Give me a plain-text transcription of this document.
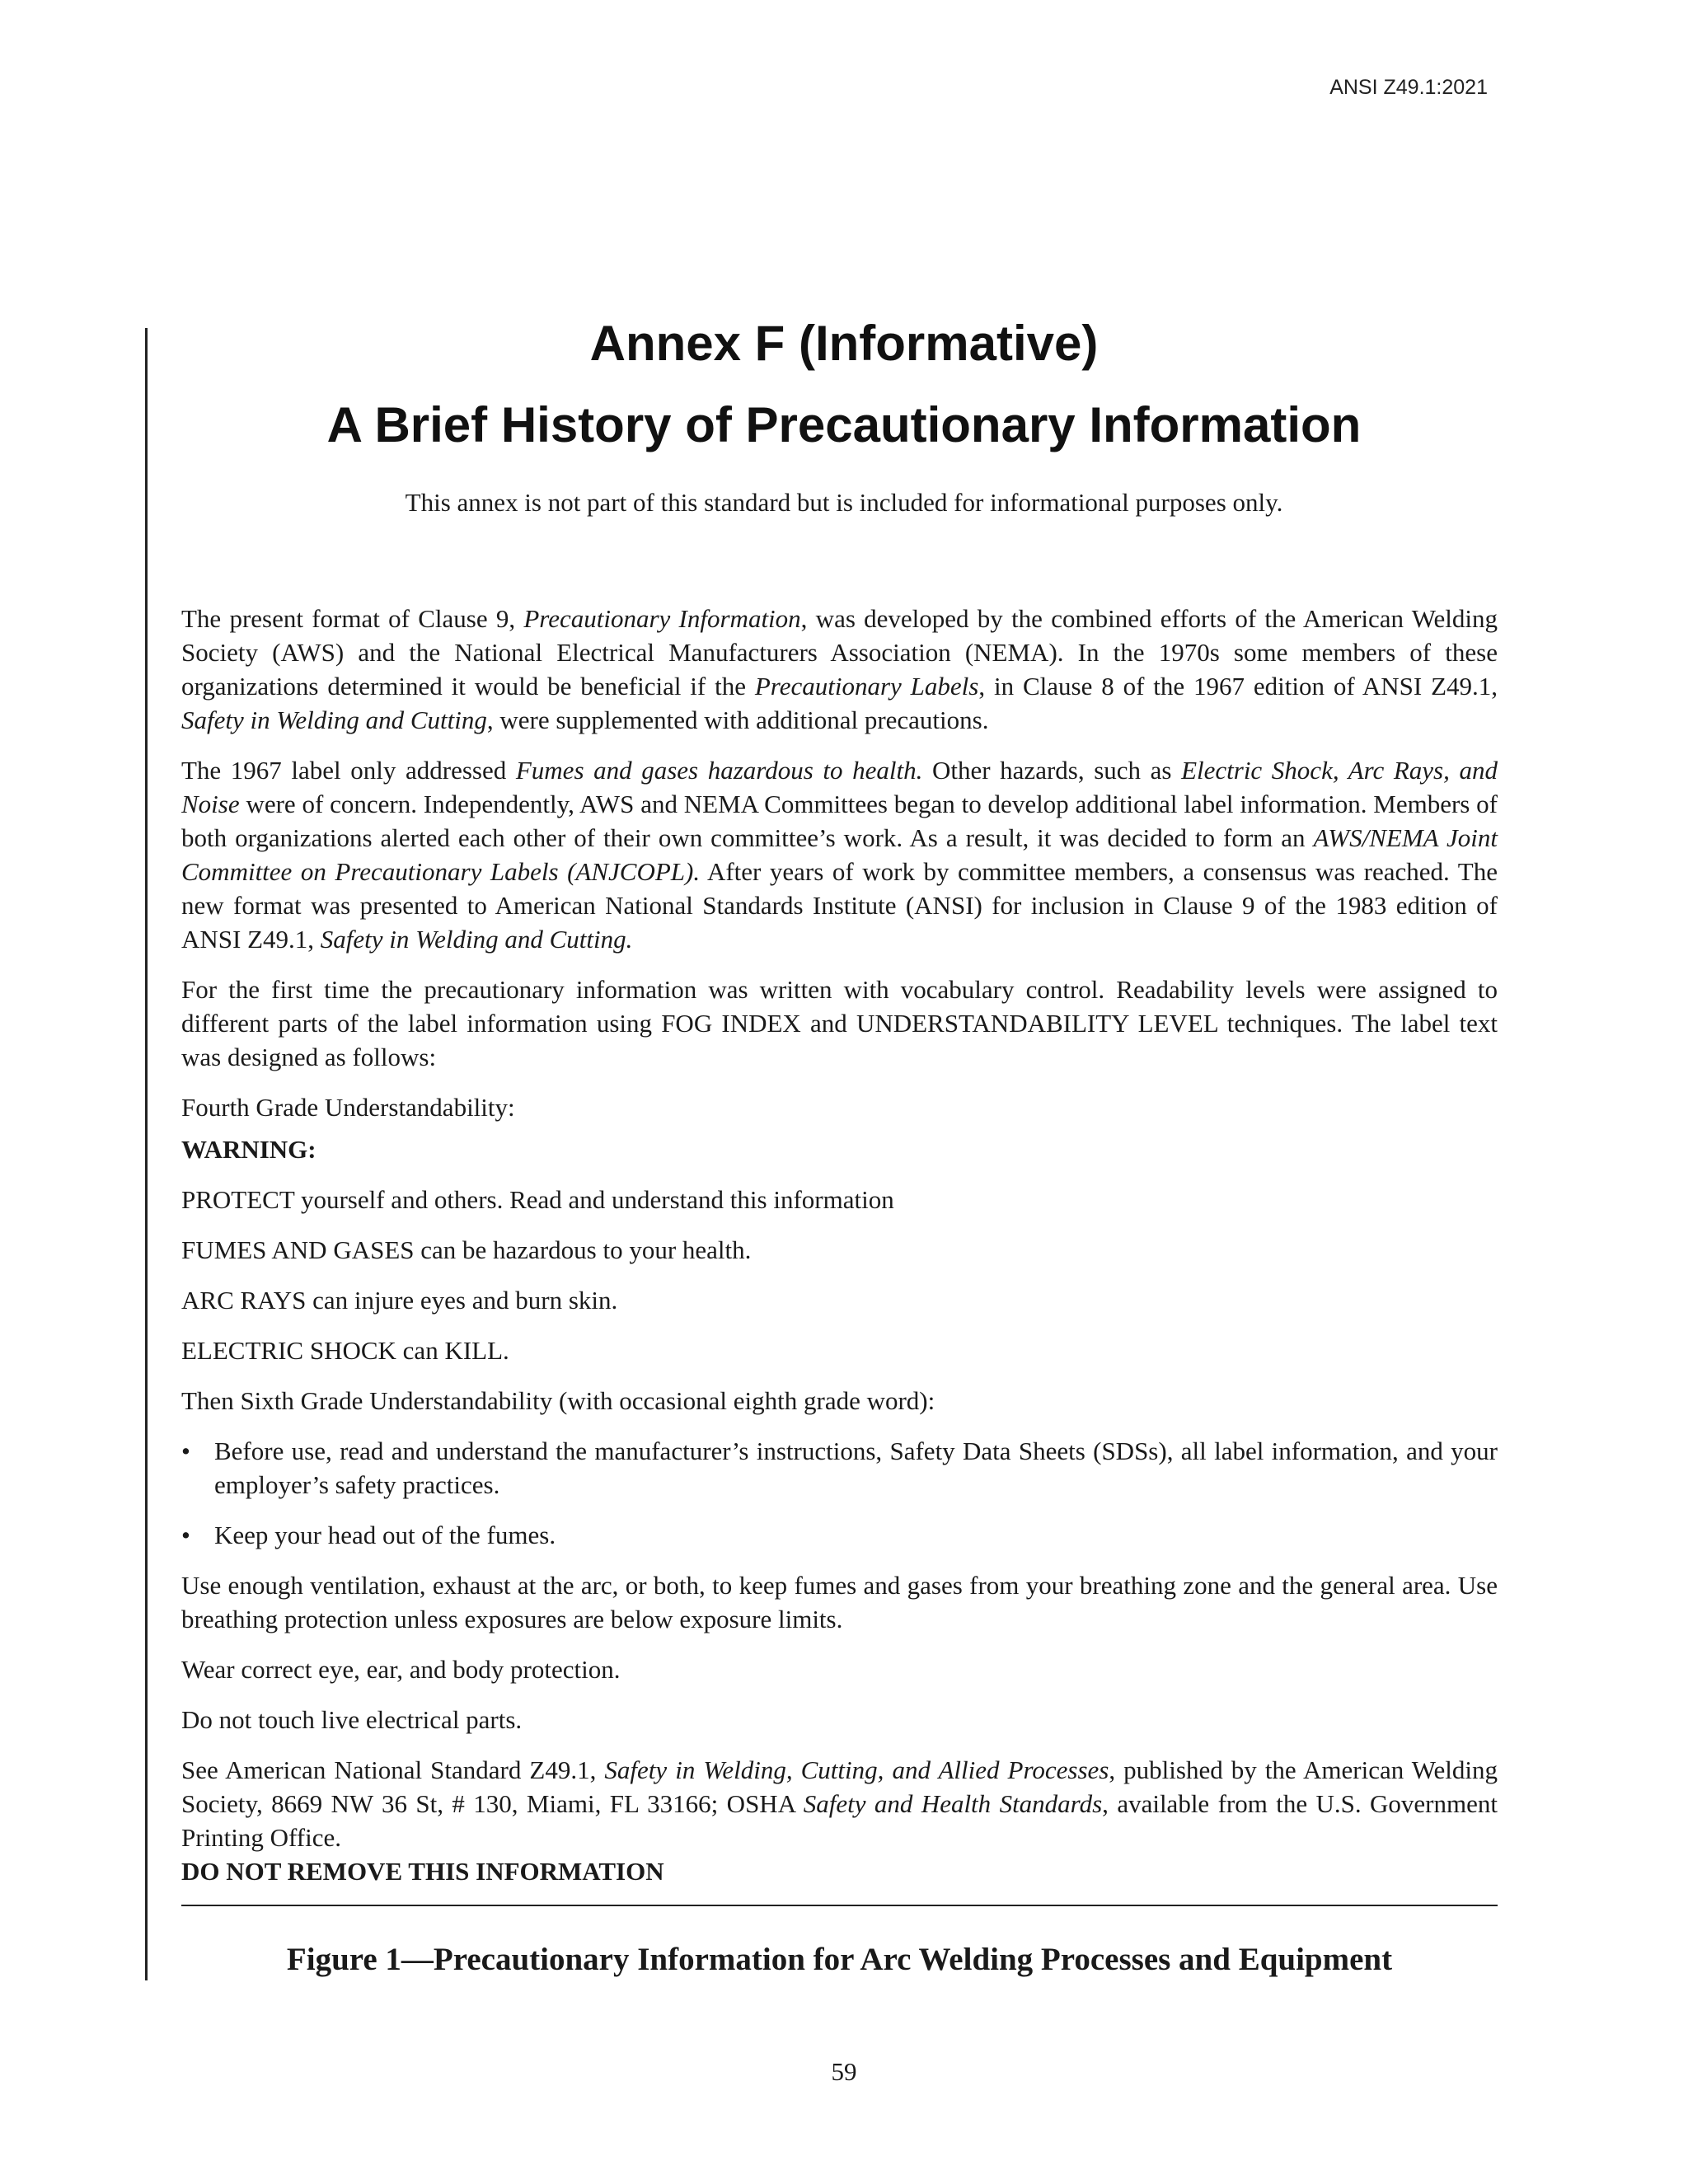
ANSI Z49.1:2021
Annex F (Informative)
A Brief History of Precautionary Information
This annex is not part of this standard but is included for informational purposes only.

The present format of Clause 9, Precautionary Information, was developed by the combined efforts of the American Welding Society (AWS) and the National Electrical Manufacturers Association (NEMA). In the 1970s some members of these organizations determined it would be beneficial if the Precautionary Labels, in Clause 8 of the 1967 edition of ANSI Z49.1, Safety in Welding and Cutting, were supplemented with additional precautions.

The 1967 label only addressed Fumes and gases hazardous to health. Other hazards, such as Electric Shock, Arc Rays, and Noise were of concern. Independently, AWS and NEMA Committees began to develop additional label information. Members of both organizations alerted each other of their own committee’s work. As a result, it was decided to form an AWS/NEMA Joint Committee on Precautionary Labels (ANJCOPL). After years of work by committee members, a consensus was reached. The new format was presented to American National Standards Institute (ANSI) for inclusion in Clause 9 of the 1983 edition of ANSI Z49.1, Safety in Welding and Cutting.

For the first time the precautionary information was written with vocabulary control. Readability levels were assigned to different parts of the label information using FOG INDEX and UNDERSTANDABILITY LEVEL techniques. The label text was designed as follows:

Fourth Grade Understandability:

WARNING:

PROTECT yourself and others. Read and understand this information

FUMES AND GASES can be hazardous to your health.

ARC RAYS can injure eyes and burn skin.

ELECTRIC SHOCK can KILL.

Then Sixth Grade Understandability (with occasional eighth grade word):

• Before use, read and understand the manufacturer’s instructions, Safety Data Sheets (SDSs), all label information, and your employer’s safety practices.
• Keep your head out of the fumes.

Use enough ventilation, exhaust at the arc, or both, to keep fumes and gases from your breathing zone and the general area. Use breathing protection unless exposures are below exposure limits.

Wear correct eye, ear, and body protection.

Do not touch live electrical parts.

See American National Standard Z49.1, Safety in Welding, Cutting, and Allied Processes, published by the American Welding Society, 8669 NW 36 St, # 130, Miami, FL 33166; OSHA Safety and Health Standards, available from the U.S. Government Printing Office.

DO NOT REMOVE THIS INFORMATION

Figure 1—Precautionary Information for Arc Welding Processes and Equipment
59
